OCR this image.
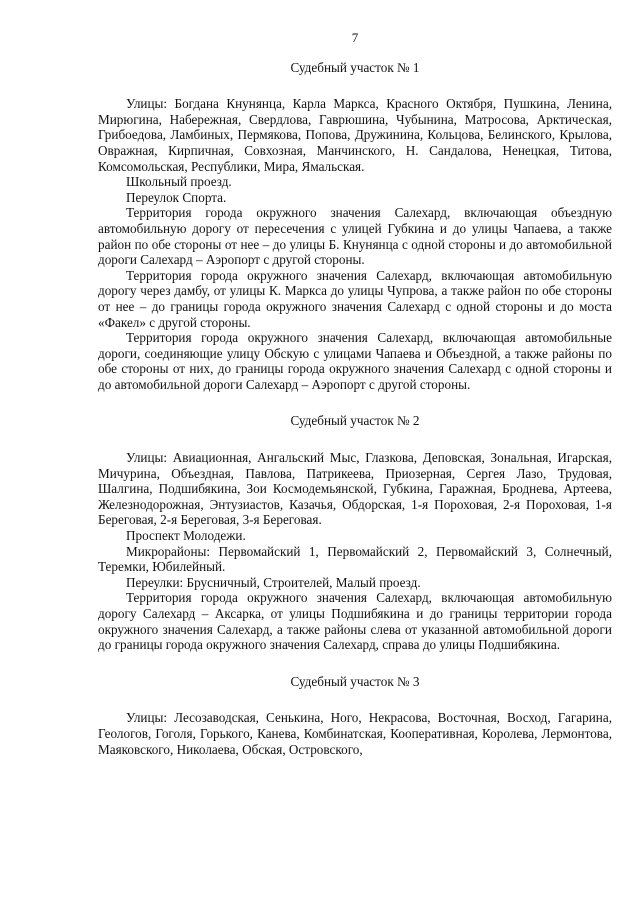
7
Судебный участок № 1

Улицы: Богдана Кнунянца, Карла Маркса, Красного Октября, Пушкина, Ленина, Мирюгина, Набережная, Свердлова, Гаврюшина, Чубынина, Матросова, Арктическая, Грибоедова, Ламбиных, Пермякова, Попова, Дружинина, Кольцова, Белинского, Крылова, Овражная, Кирпичная, Совхозная, Манчинского, Н. Сандалова, Ненецкая, Титова, Комсомольская, Республики, Мира, Ямальская.

Школьный проезд.

Переулок Спорта.

Территория города окружного значения Салехард, включающая объездную автомобильную дорогу от пересечения с улицей Губкина и до улицы Чапаева, а также район по обе стороны от нее – до улицы Б. Кнунянца с одной стороны и до автомобильной дороги Салехард – Аэропорт с другой стороны.

Территория города окружного значения Салехард, включающая автомобильную дорогу через дамбу, от улицы К. Маркса до улицы Чупрова, а также район по обе стороны от нее – до границы города окружного значения Салехард с одной стороны и до моста «Факел» с другой стороны.

Территория города окружного значения Салехард, включающая автомобильные дороги, соединяющие улицу Обскую с улицами Чапаева и Объездной, а также районы по обе стороны от них, до границы города окружного значения Салехард с одной стороны и до автомобильной дороги Салехард – Аэропорт с другой стороны.

Судебный участок № 2

Улицы: Авиационная, Ангальский Мыс, Глазкова, Деповская, Зональная, Игарская, Мичурина, Объездная, Павлова, Патрикеева, Приозерная, Сергея Лазо, Трудовая, Шалгина, Подшибякина, Зои Космодемьянской, Губкина, Гаражная, Броднева, Артеева, Железнодорожная, Энтузиастов, Казачья, Обдорская, 1-я Пороховая, 2-я Пороховая, 1-я Береговая, 2-я Береговая, 3-я Береговая.

Проспект Молодежи.

Микрорайоны: Первомайский 1, Первомайский 2, Первомайский 3, Солнечный, Теремки, Юбилейный.

Переулки: Брусничный, Строителей, Малый проезд.

Территория города окружного значения Салехард, включающая автомобильную дорогу Салехард – Аксарка, от улицы Подшибякина и до границы территории города окружного значения Салехард, а также районы слева от указанной автомобильной дороги до границы города окружного значения Салехард, справа до улицы Подшибякина.

Судебный участок № 3

Улицы: Лесозаводская, Сенькина, Ного, Некрасова, Восточная, Восход, Гагарина, Геологов, Гоголя, Горького, Канева, Комбинатская, Кооперативная, Королева, Лермонтова, Маяковского, Николаева, Обская, Островского,
